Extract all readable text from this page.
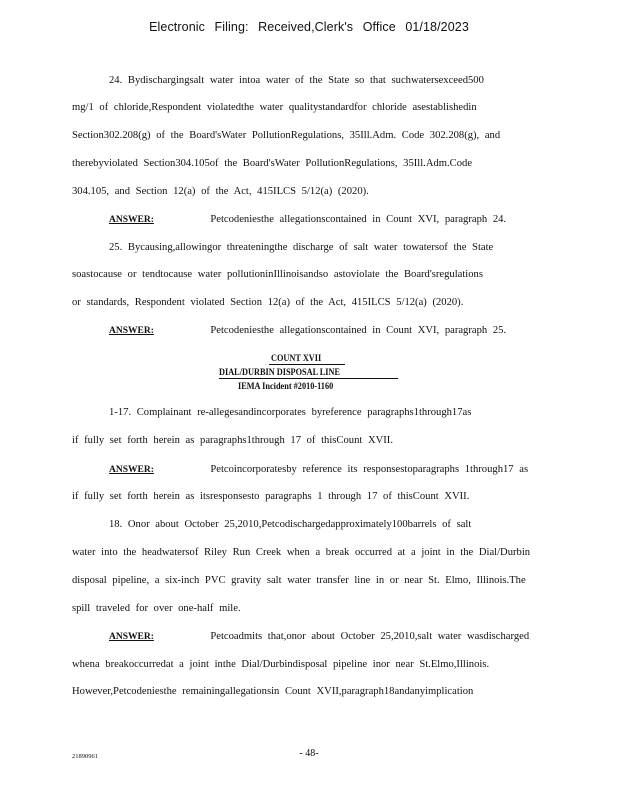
Electronic Filing: Received,Clerk's Office 01/18/2023
24. Bydischargingsalt water intoa water of the State so that suchwatersexceed500
mg/1 of chloride,Respondent violatedthe water qualitystandardfor chloride asestablishedin
Section302.208(g) of the Board'sWater PollutionRegulations, 35Ill.Adm. Code 302.208(g), and
therebyviolated Section304.105of the Board'sWater PollutionRegulations, 35Ill.Adm.Code
304.105, and Section 12(a) of the Act, 415ILCS 5/12(a) (2020).
ANSWER:	Petcodeniesthe allegationscontained in Count XVI, paragraph 24.
25. Bycausing,allowingor threateningthe discharge of salt water towatersof the State
soastocause or tendtocause water pollutioninIllinoisandso astoviolate the Board'sregulations
or standards, Respondent violated Section 12(a) of the Act, 415ILCS 5/12(a) (2020).
ANSWER:	Petcodeniesthe allegationscontained in Count XVI, paragraph 25.
COUNT XVII
DIAL/DURBIN DISPOSAL LINE
IEMA Incident #2010-1160
1-17. Complainant re-allegesandincorporates byreference paragraphs1through17as
if fully set forth herein as paragraphs1through 17 of thisCount XVII.
ANSWER:	Petcoincorporatesby reference its responsestoparagraphs 1through17 as
if fully set forth herein as itsresponsesto paragraphs 1 through 17 of thisCount XVII.
18. Onor about October 25,2010,Petcodischargedapproximately100barrels of salt
water into the headwatersof Riley Run Creek when a break occurred at a joint in the Dial/Durbin
disposal pipeline, a six-inch PVC gravity salt water transfer line in or near St. Elmo, Illinois.The
spill traveled for over one-half mile.
ANSWER:	Petcoadmits that,onor about October 25,2010,salt water wasdischarged
whena breakoccurredat a joint inthe Dial/Durbindisposal pipeline inor near St.Elmo,Illinois.
However,Petcodeniesthe remainingallegationsin Count XVII,paragraph18andanyimplication
21890961	- 48-
